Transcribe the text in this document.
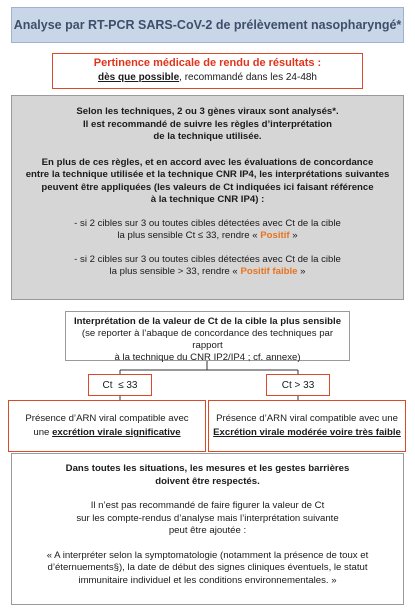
Analyse par RT-PCR SARS-CoV-2 de prélèvement nasopharyngé*
Pertinence médicale de rendu de résultats :
dès que possible, recommandé dans les 24-48h

Selon les techniques, 2 ou 3 gènes viraux sont analysés*.
Il est recommandé de suivre les règles d’interprétation
de la technique utilisée.

En plus de ces règles, et en accord avec les évaluations de concordance
entre la technique utilisée et la technique CNR IP4, les interprétations suivantes
peuvent être appliquées (les valeurs de Ct indiquées ici faisant référence
à la technique CNR IP4) :

- si 2 cibles sur 3 ou toutes cibles détectées avec Ct de la cible
la plus sensible Ct ≤ 33, rendre « Positif »

- si 2 cibles sur 3 ou toutes cibles détectées avec Ct de la cible
la plus sensible > 33, rendre « Positif faible »

Interprétation de la valeur de Ct de la cible la plus sensible
(se reporter à l’abaque de concordance des techniques par rapport
à la technique du CNR IP2/IP4 ; cf. annexe)
Ct  ≤ 33	Ct > 33
Présence d’ARN viral compatible avec
une excrétion virale significative
Présence d’ARN viral compatible avec une
Excrétion virale modérée voire très faible

Dans toutes les situations, les mesures et les gestes barrières
doivent être respectés.

Il n’est pas recommandé de faire figurer la valeur de Ct
sur les compte-rendus d’analyse mais l’interprétation suivante
peut être ajoutée :

« A interpréter selon la symptomatologie (notamment la présence de toux et
d’éternuements§), la date de début des signes cliniques éventuels, le statut
immunitaire individuel et les conditions environnementales. »
